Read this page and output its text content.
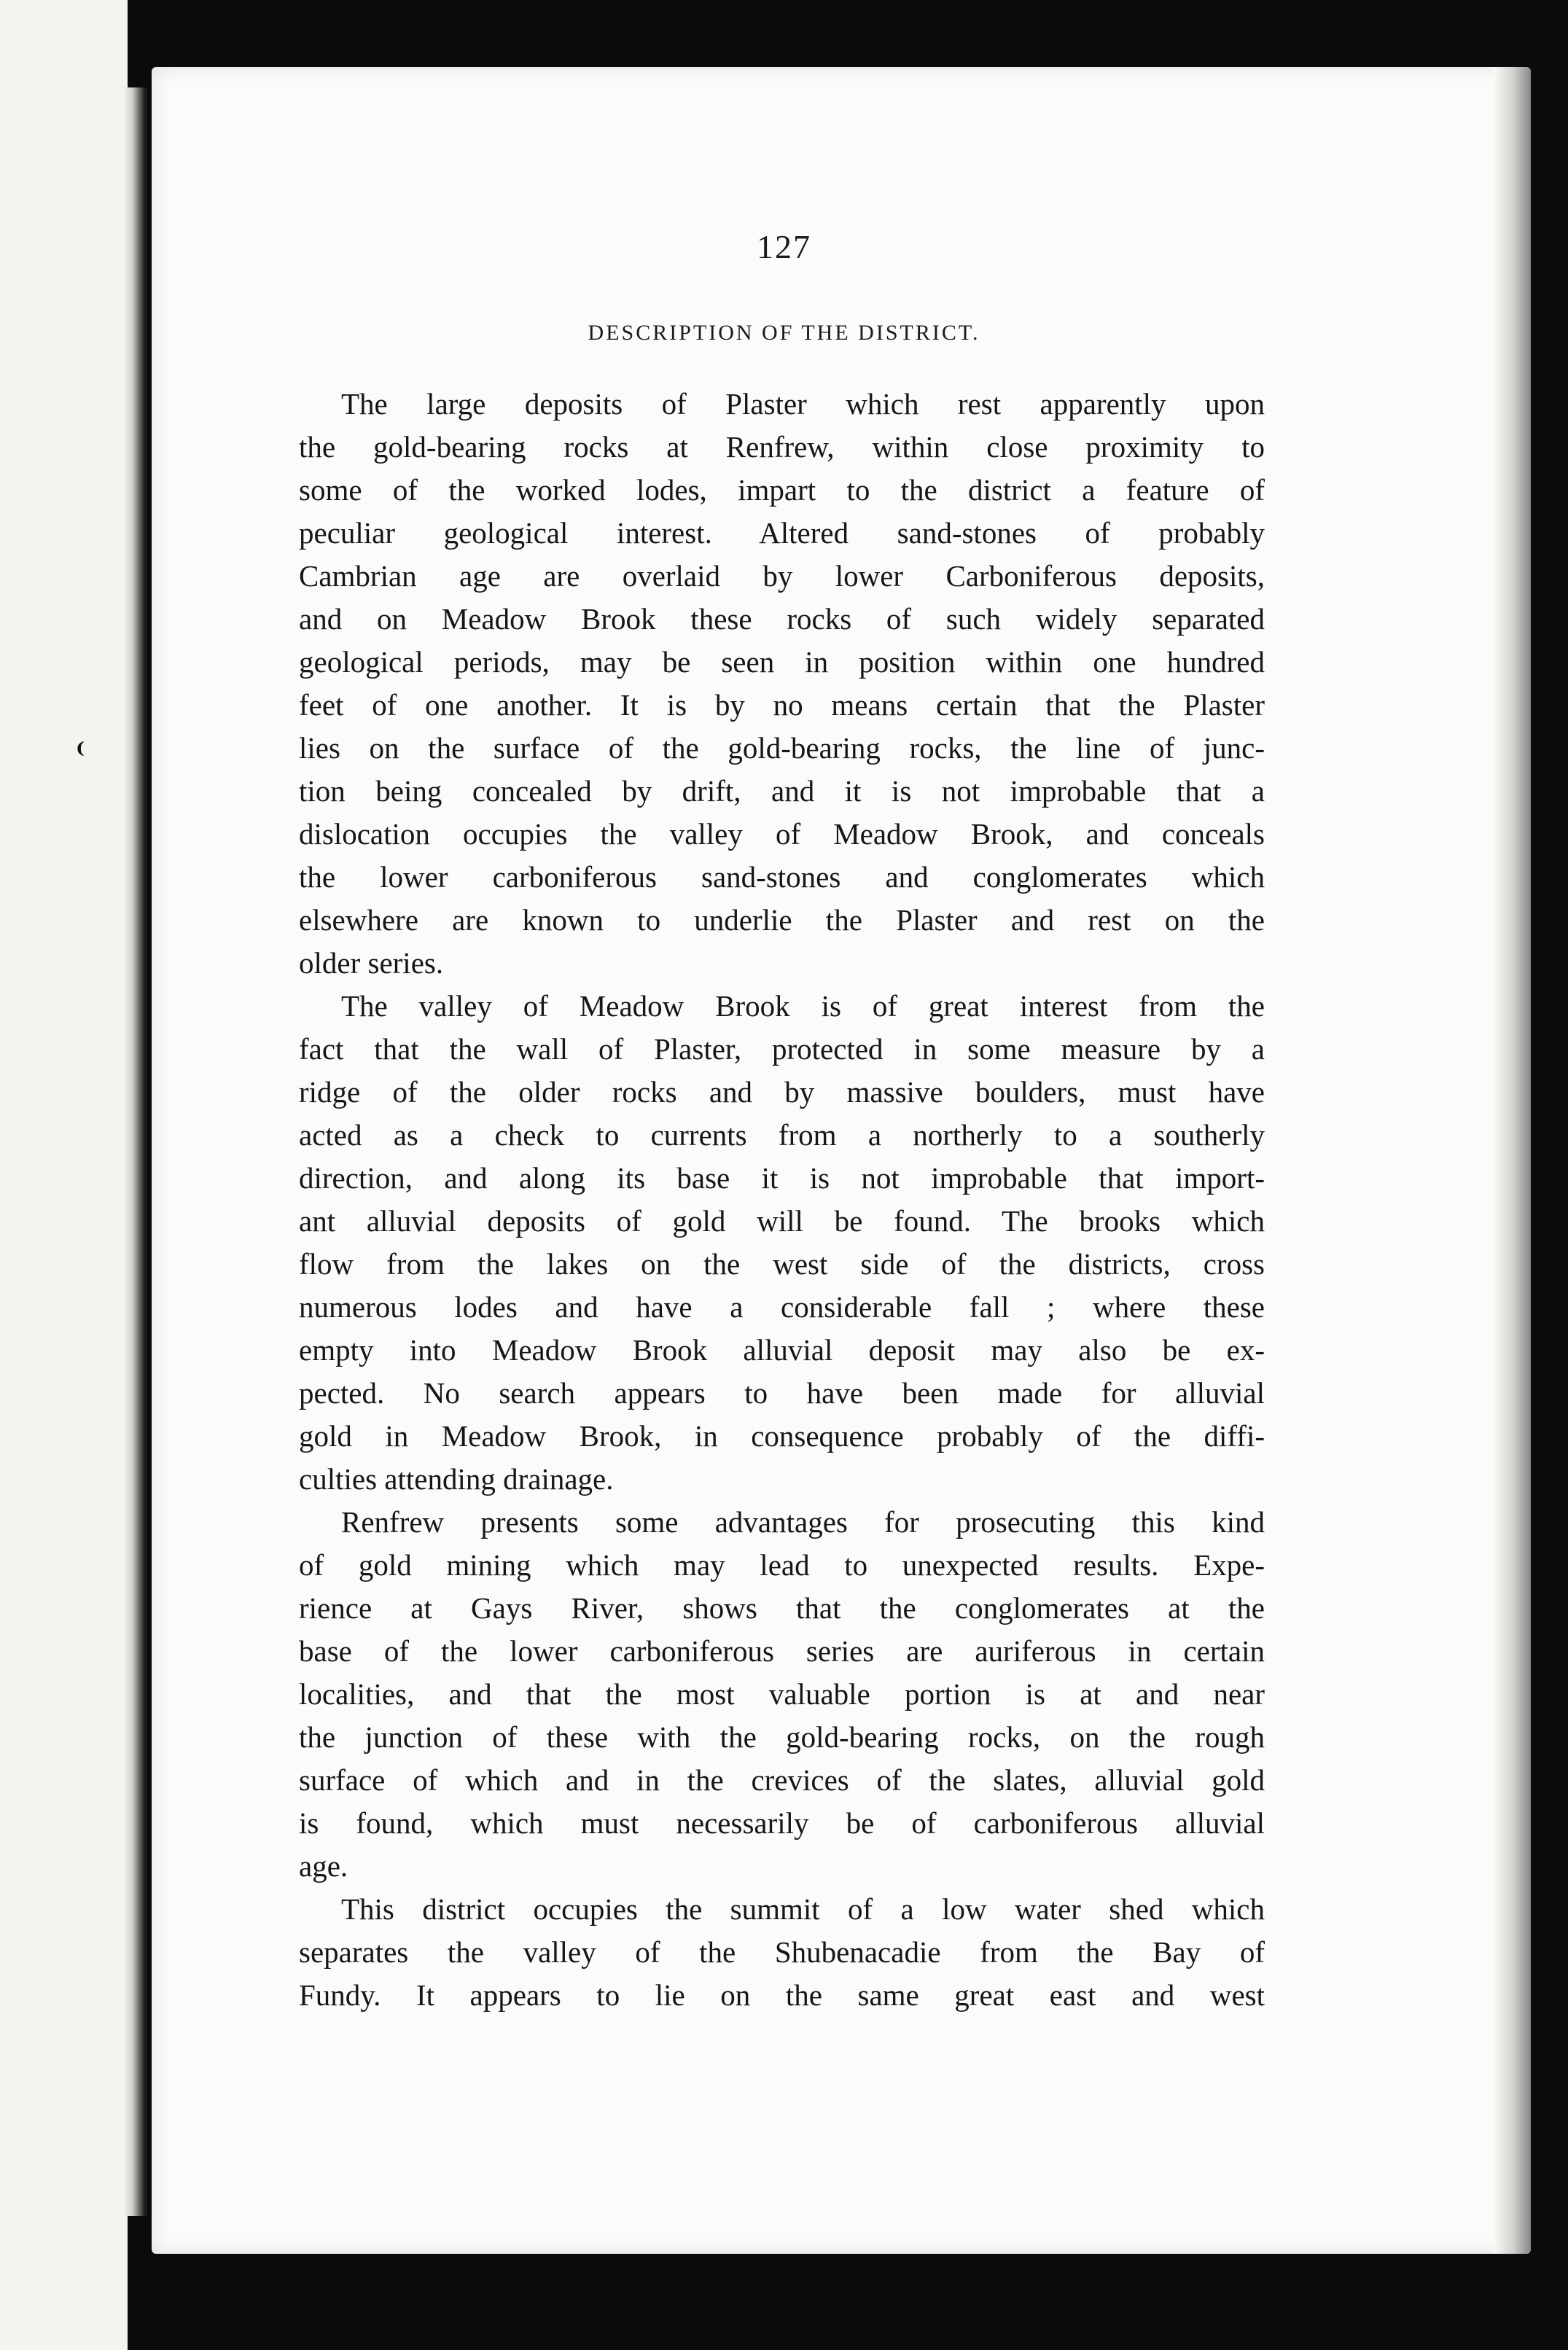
⁽
127
DESCRIPTION OF THE DISTRICT.
The large deposits of Plaster which rest apparently upon
the gold-bearing rocks at Renfrew, within close proximity to
some of the worked lodes, impart to the district a feature of
peculiar geological interest. Altered sand-stones of probably
Cambrian age are overlaid by lower Carboniferous deposits,
and on Meadow Brook these rocks of such widely separated
geological periods, may be seen in position within one hundred
feet of one another. It is by no means certain that the Plaster
lies on the surface of the gold-bearing rocks, the line of junc-
tion being concealed by drift, and it is not improbable that a
dislocation occupies the valley of Meadow Brook, and conceals
the lower carboniferous sand-stones and conglomerates which
elsewhere are known to underlie the Plaster and rest on the
older series.
The valley of Meadow Brook is of great interest from the
fact that the wall of Plaster, protected in some measure by a
ridge of the older rocks and by massive boulders, must have
acted as a check to currents from a northerly to a southerly
direction, and along its base it is not improbable that import-
ant alluvial deposits of gold will be found. The brooks which
flow from the lakes on the west side of the districts, cross
numerous lodes and have a considerable fall ; where these
empty into Meadow Brook alluvial deposit may also be ex-
pected. No search appears to have been made for alluvial
gold in Meadow Brook, in consequence probably of the diffi-
culties attending drainage.
Renfrew presents some advantages for prosecuting this kind
of gold mining which may lead to unexpected results. Expe-
rience at Gays River, shows that the conglomerates at the
base of the lower carboniferous series are auriferous in certain
localities, and that the most valuable portion is at and near
the junction of these with the gold-bearing rocks, on the rough
surface of which and in the crevices of the slates, alluvial gold
is found, which must necessarily be of carboniferous alluvial
age.
This district occupies the summit of a low water shed which
separates the valley of the Shubenacadie from the Bay of
Fundy. It appears to lie on the same great east and west
